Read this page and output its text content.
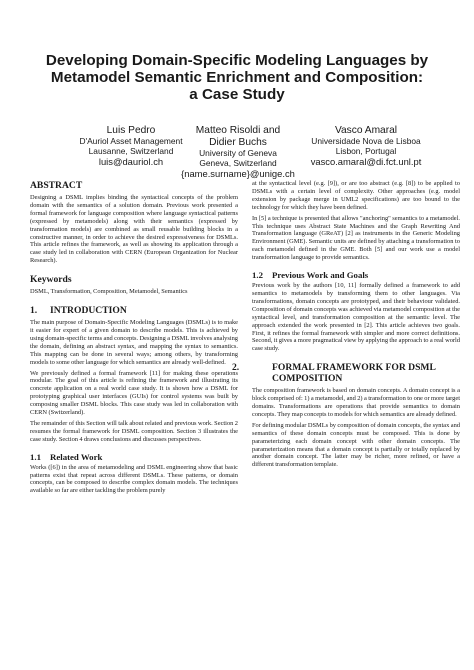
Developing Domain-Specific Modeling Languages by
Metamodel Semantic Enrichment and Composition:
a Case Study
Luis Pedro
D'Auriol Asset Management
Lausanne, Switzerland
luis@dauriol.ch
Matteo Risoldi and Didier Buchs
University of Geneva
Geneva, Switzerland
{name.surname}@unige.ch
Vasco Amaral
Universidade Nova de Lisboa
Lisbon, Portugal
vasco.amaral@di.fct.unl.pt
ABSTRACT
Designing a DSML implies binding the syntactical concepts of the problem domain with the semantics of a solution domain. Previous work presented a formal framework for language composition where language syntactical patterns (expressed by metamodels) along with their semantics (expressed by transformation models) are combined as small reusable building blocks in a constructive manner, in order to achieve the desired expressiveness for DSMLs. This article refines the framework, as well as showing its application through a case study led in collaboration with CERN (European Organization for Nuclear Research).
Keywords
DSML, Transformation, Composition, Metamodel, Semantics
1. INTRODUCTION
The main purpose of Domain-Specific Modeling Languages (DSMLs) is to make it easier for expert of a given domain to describe models. This is achieved by using domain-specific terms and concepts. Designing a DSML involves analysing the domain, defining an abstract syntax, and mapping the syntax to semantics. This mapping can be done in several ways; among others, by transforming models to some other language for which semantics are already well-defined.
We previously defined a formal framework [11] for making these operations modular. The goal of this article is refining the framework and illustrating its concrete application on a real world case study. It is shown how a DSML for prototyping graphical user interfaces (GUIs) for control systems was built by composing smaller DSML blocks. This case study was led in collaboration with CERN (Switzerland).
The remainder of this Section will talk about related and previous work. Section 2 resumes the formal framework for DSML composition. Section 3 illustrates the case study. Section 4 draws conclusions and discusses perspectives.
1.1 Related Work
Works ([6]) in the area of metamodeling and DSML engineering show that basic patterns exist that repeat across different DSMLs. These patterns, or domain concepts, can be composed to describe complex domain models. The techniques available so far are either tackling the problem purely
at the syntactical level (e.g. [9]), or are too abstract (e.g. [8]) to be applied to DSMLs with a certain level of complexity. Other approaches (e.g. model extension by package merge in UML2 specifications) are too bound to the technology for which they have been defined.
In [5] a technique is presented that allows "anchoring" semantics to a metamodel. This technique uses Abstract State Machines and the Graph Rewriting And Transformation language (GReAT) [2] as instruments in the Generic Modeling Environment (GME). Semantic units are defined by attaching a transformation to each metamodel defined in the GME. Both [5] and our work use a model transformation language to provide semantics.
1.2 Previous Work and Goals
Previous work by the authors [10, 11] formally defined a framework to add semantics to metamodels by transforming them to other languages. Via transformations, domain concepts are prototyped, and their behaviour validated. Composition of domain concepts was achieved via metamodel composition at the syntactical level, and transformation composition at the semantic level. The approach extended the work presented in [2]. This article achieves two goals. First, it refines the formal framework with simpler and more correct definitions. Second, it gives a more pragmatical view by applying the approach to a real world case study.
2.	FORMAL FRAMEWORK FOR DSML COMPOSITION
The composition framework is based on domain concepts. A domain concept is a block comprised of: 1) a metamodel, and 2) a transformation to one or more target domains. Transformations are operations that provide semantics to domain concepts. They map concepts to models for which semantics are already defined.
For defining modular DSMLs by composition of domain concepts, the syntax and semantics of these domain concepts must be composed. This is done by parameterizing each domain concept with other domain concepts. The parameterization means that a domain concept is partially or totally replaced by another domain concept. The latter may be richer, more refined, or have a different transformation template.
